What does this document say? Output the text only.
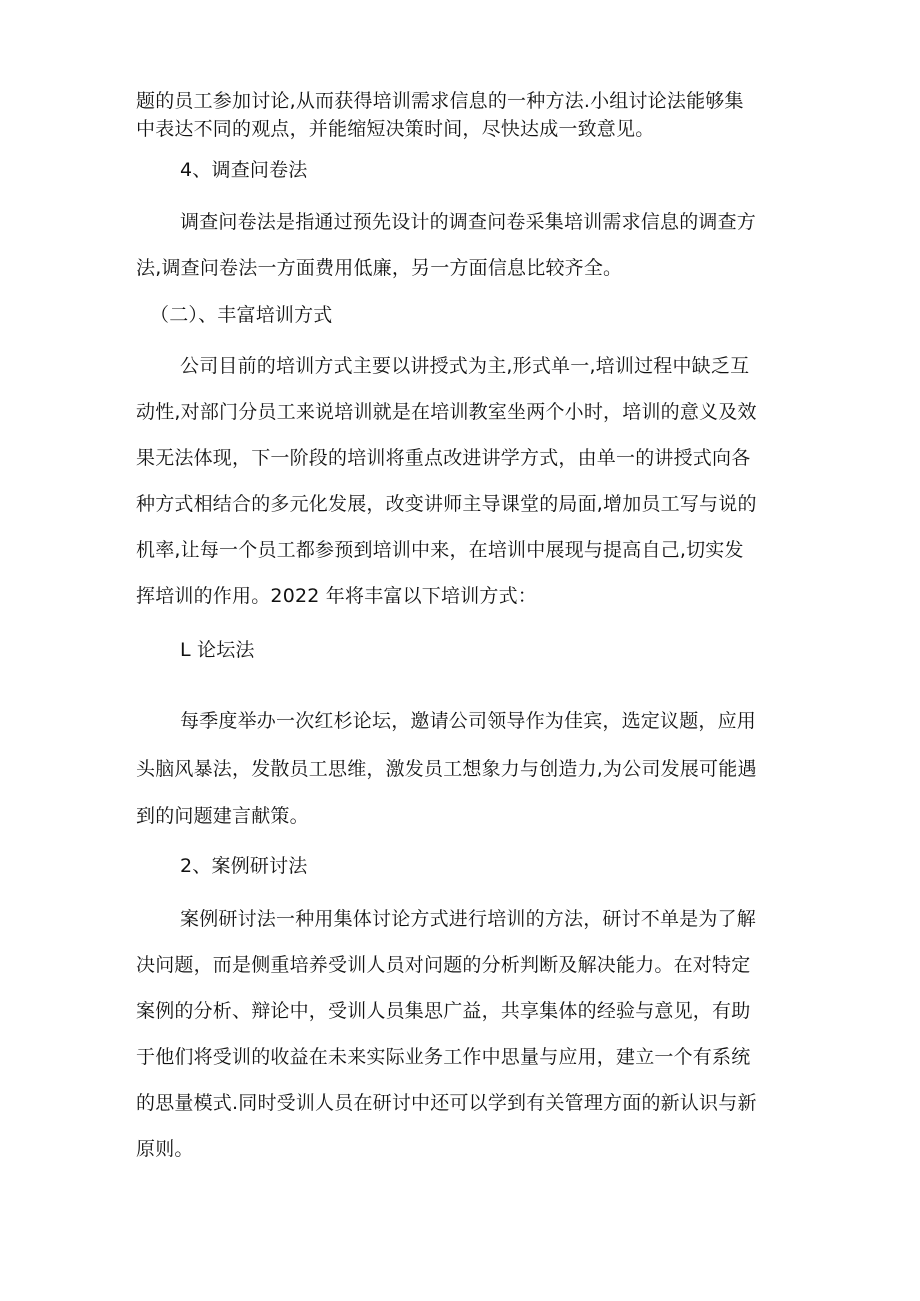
题的员工参加讨论,从而获得培训需求信息的一种方法.小组讨论法能够集
中表达不同的观点，并能缩短决策时间，尽快达成一致意见。
4、调查问卷法
调查问卷法是指通过预先设计的调查问卷采集培训需求信息的调查方
法,调查问卷法一方面费用低廉，另一方面信息比较齐全。
（二）、丰富培训方式
公司目前的培训方式主要以讲授式为主,形式单一,培训过程中缺乏互
动性,对部门分员工来说培训就是在培训教室坐两个小时，培训的意义及效
果无法体现，下一阶段的培训将重点改进讲学方式，由单一的讲授式向各
种方式相结合的多元化发展，改变讲师主导课堂的局面,增加员工写与说的
机率,让每一个员工都参预到培训中来，在培训中展现与提高自己,切实发
挥培训的作用。2022 年将丰富以下培训方式：
L 论坛法
每季度举办一次红杉论坛，邀请公司领导作为佳宾，选定议题，应用
头脑风暴法，发散员工思维，激发员工想象力与创造力,为公司发展可能遇
到的问题建言献策。
2、案例研讨法
案例研讨法一种用集体讨论方式进行培训的方法，研讨不单是为了解
决问题，而是侧重培养受训人员对问题的分析判断及解决能力。在对特定
案例的分析、辩论中，受训人员集思广益，共享集体的经验与意见，有助
于他们将受训的收益在未来实际业务工作中思量与应用，建立一个有系统
的思量模式.同时受训人员在研讨中还可以学到有关管理方面的新认识与新
原则。
